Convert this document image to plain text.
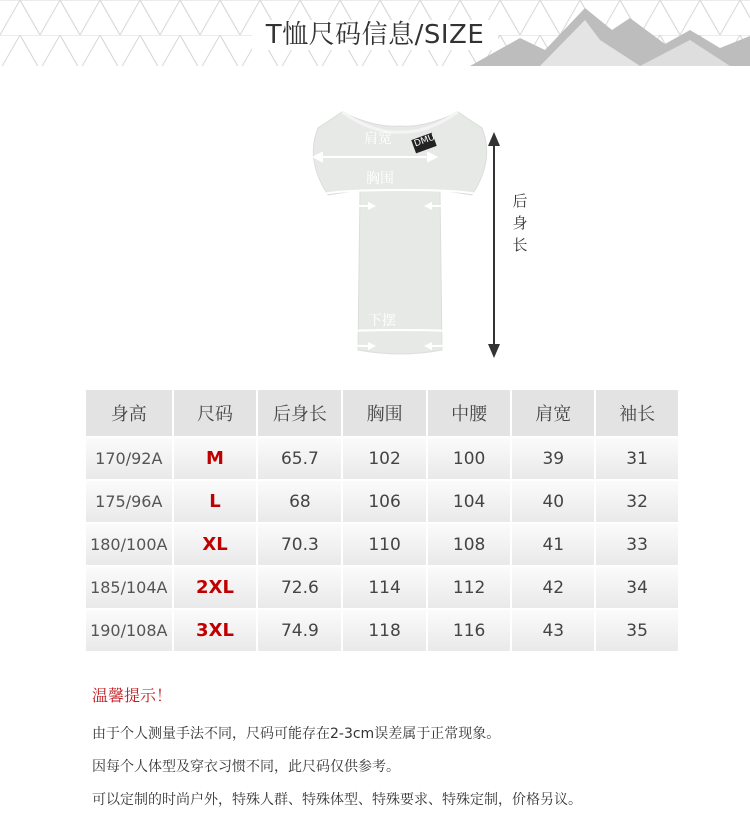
T恤尺码信息/SIZE
肩宽 DMU
胸围
下摆
后
身
长
身高	尺码	后身长	胸围	中腰	肩宽	袖长
170/92A	M	65.7	102	100	39	31
175/96A	L	68	106	104	40	32
180/100A	XL	70.3	110	108	41	33
185/104A	2XL	72.6	114	112	42	34
190/108A	3XL	74.9	118	116	43	35
温馨提示！

由于个人测量手法不同，尺码可能存在2-3cm误差属于正常现象。

因每个人体型及穿衣习惯不同，此尺码仅供参考。

可以定制的时尚户外，特殊人群、特殊体型、特殊要求、特殊定制，价格另议。
